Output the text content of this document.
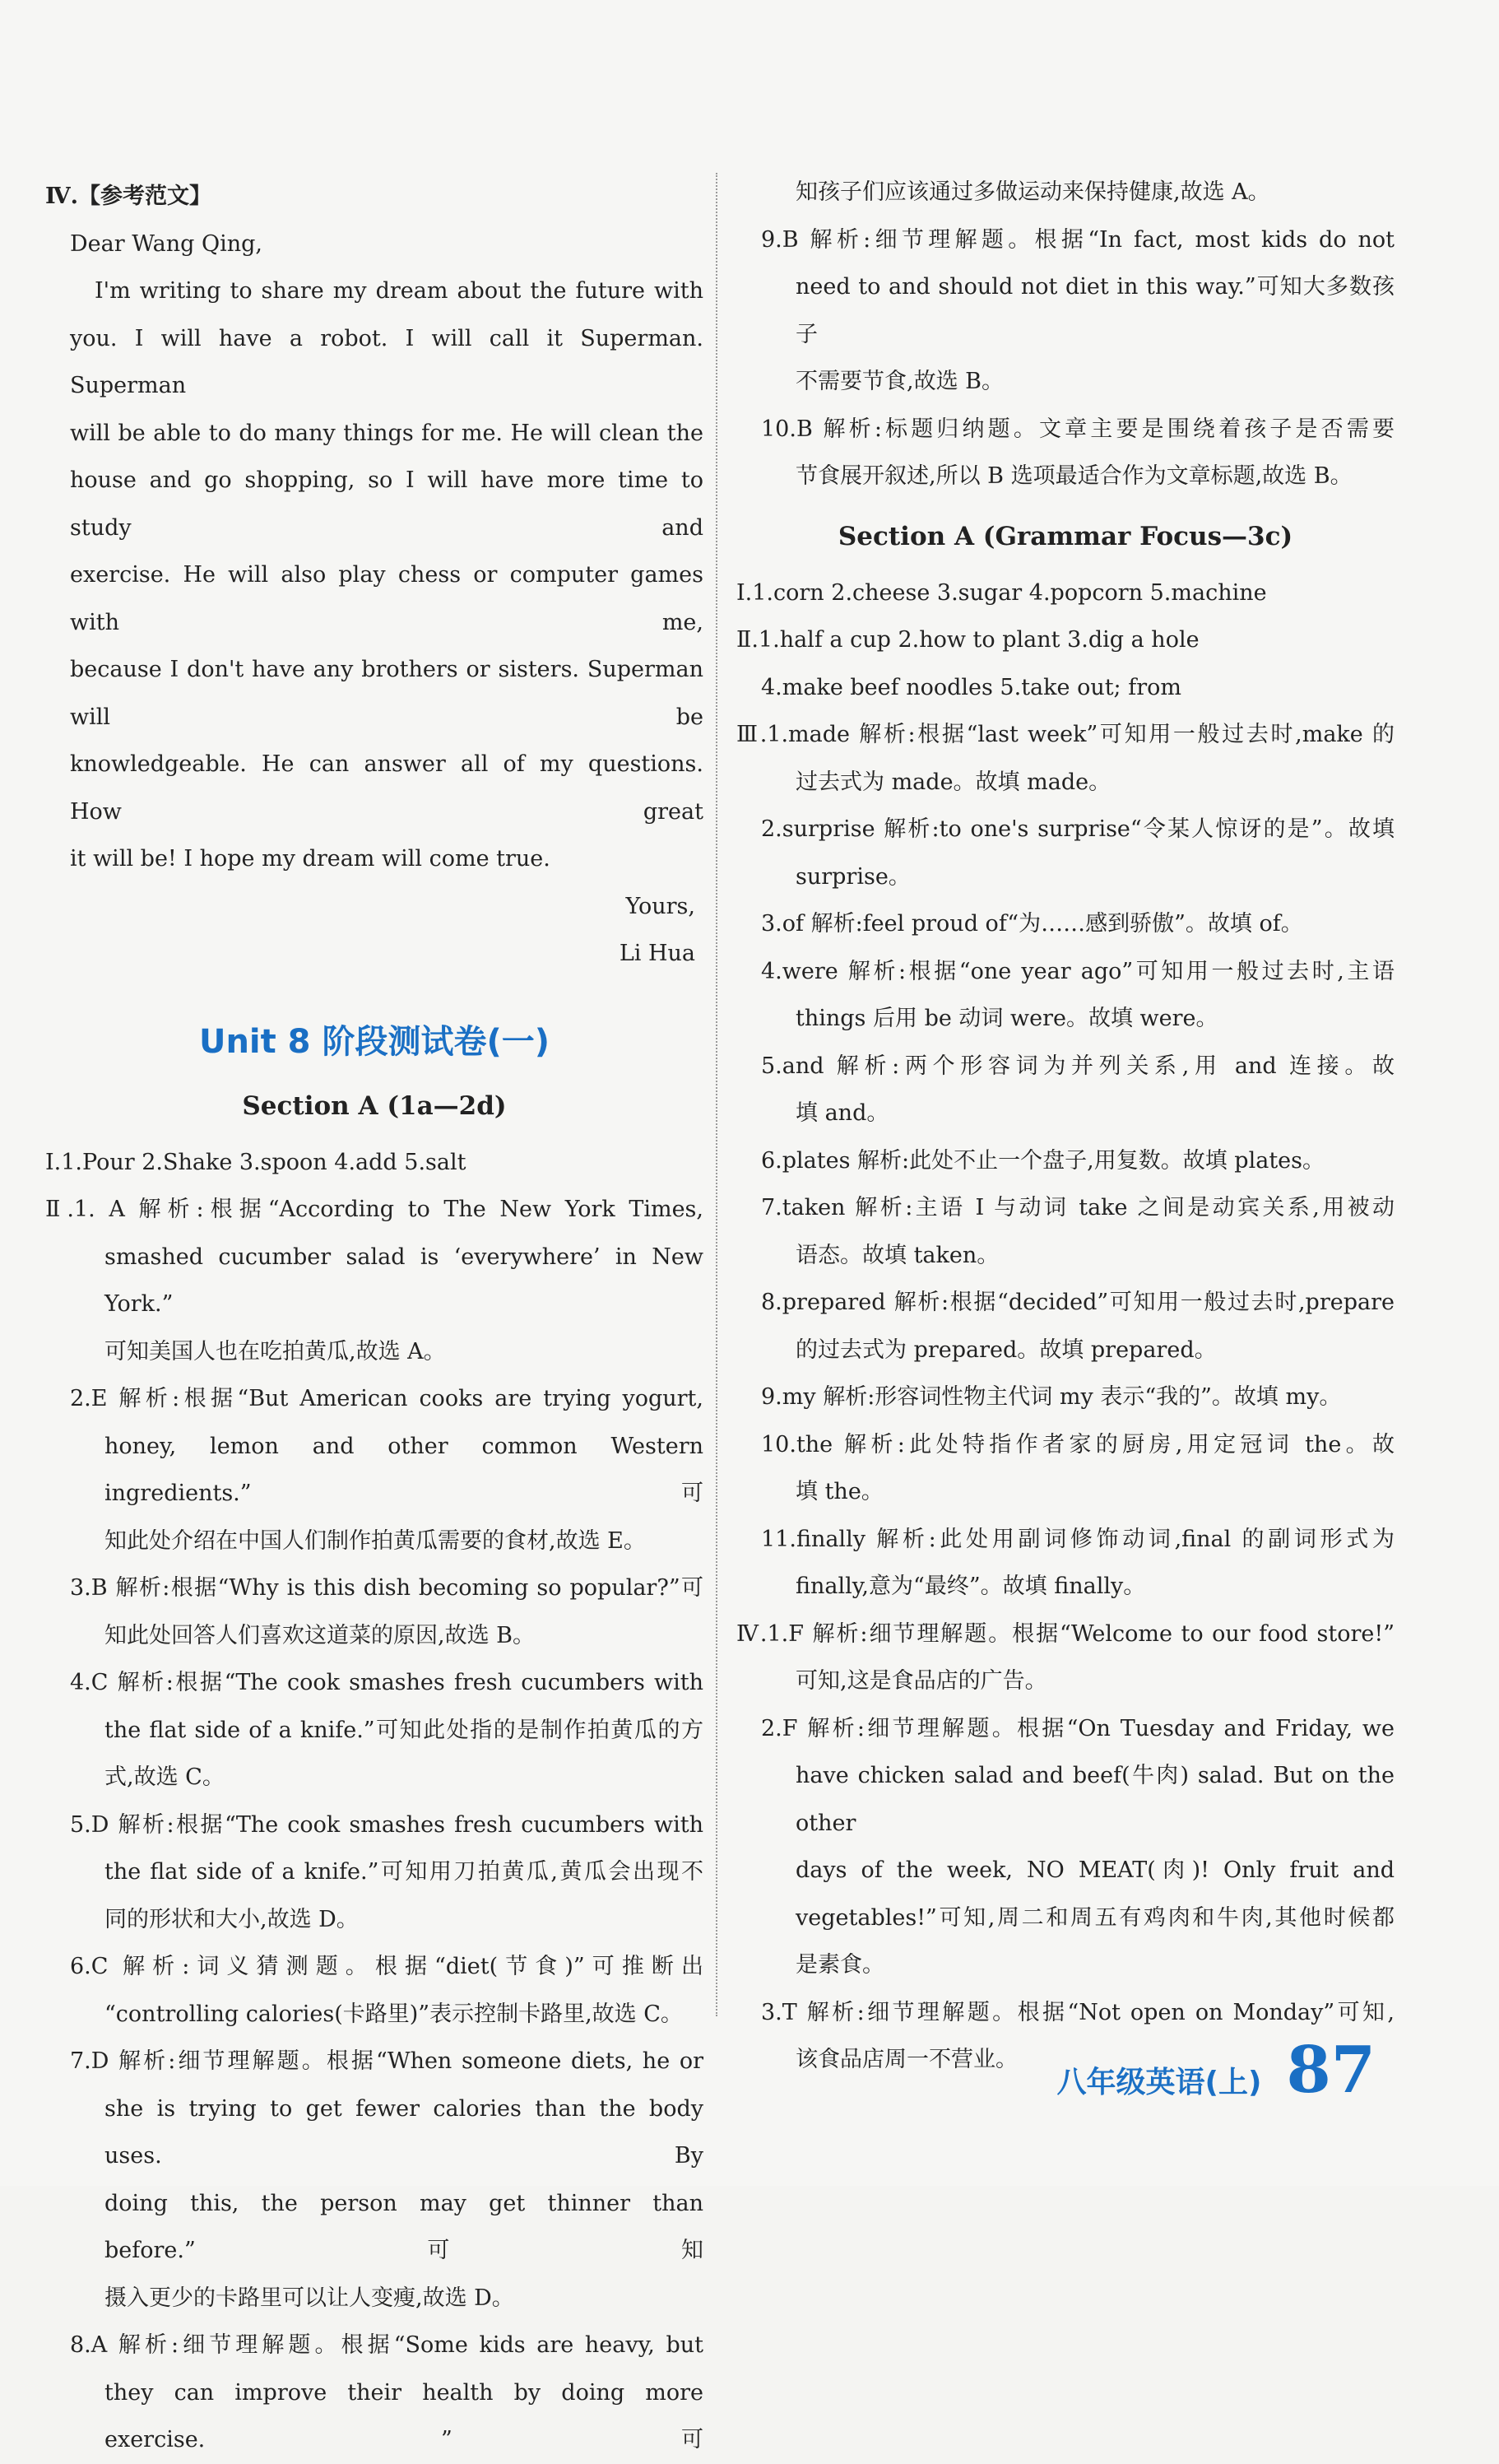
Ⅳ.【参考范文】
Dear Wang Qing,
I'm writing to share my dream about the future with
you. I will have a robot. I will call it Superman. Superman
will be able to do many things for me. He will clean the
house and go shopping, so I will have more time to study and
exercise. He will also play chess or computer games with me,
because I don't have any brothers or sisters. Superman will be
knowledgeable. He can answer all of my questions. How great
it will be! I hope my dream will come true.
Yours,
Li Hua
Unit 8 阶段测试卷(一)
Section A (1a—2d)
Ⅰ.1.Pour 2.Shake 3.spoon 4.add 5.salt
Ⅱ.1. A 解析:根据“According to The New York Times,
smashed cucumber salad is ‘everywhere’ in New York.”
可知美国人也在吃拍黄瓜,故选 A。
2.E 解析:根据“But American cooks are trying yogurt,
honey, lemon and other common Western ingredients.”可
知此处介绍在中国人们制作拍黄瓜需要的食材,故选 E。
3.B 解析:根据“Why is this dish becoming so popular?”可
知此处回答人们喜欢这道菜的原因,故选 B。
4.C 解析:根据“The cook smashes fresh cucumbers with
the flat side of a knife.”可知此处指的是制作拍黄瓜的方
式,故选 C。
5.D 解析:根据“The cook smashes fresh cucumbers with
the flat side of a knife.”可知用刀拍黄瓜,黄瓜会出现不
同的形状和大小,故选 D。
6.C 解析:词义猜测题。根据“diet(节食)”可推断出
“controlling calories(卡路里)”表示控制卡路里,故选 C。
7.D 解析:细节理解题。根据“When someone diets, he or
she is trying to get fewer calories than the body uses. By
doing this, the person may get thinner than before.”可知
摄入更少的卡路里可以让人变瘦,故选 D。
8.A 解析:细节理解题。根据“Some kids are heavy, but
they can improve their health by doing more exercise. ”可
知孩子们应该通过多做运动来保持健康,故选 A。
9.B 解析:细节理解题。根据“In fact, most kids do not
need to and should not diet in this way.”可知大多数孩子
不需要节食,故选 B。
10.B 解析:标题归纳题。文章主要是围绕着孩子是否需要
节食展开叙述,所以 B 选项最适合作为文章标题,故选 B。
Section A (Grammar Focus—3c)
Ⅰ.1.corn 2.cheese 3.sugar 4.popcorn 5.machine
Ⅱ.1.half a cup 2.how to plant 3.dig a hole
4.make beef noodles 5.take out; from
Ⅲ.1.made 解析:根据“last week”可知用一般过去时,make 的
过去式为 made。故填 made。
2.surprise 解析:to one's surprise“令某人惊讶的是”。故填
surprise。
3.of 解析:feel proud of“为……感到骄傲”。故填 of。
4.were 解析:根据“one year ago”可知用一般过去时,主语
things 后用 be 动词 were。故填 were。
5.and 解析:两个形容词为并列关系,用 and 连接。故
填 and。
6.plates 解析:此处不止一个盘子,用复数。故填 plates。
7.taken 解析:主语 I 与动词 take 之间是动宾关系,用被动
语态。故填 taken。
8.prepared 解析:根据“decided”可知用一般过去时,prepare
的过去式为 prepared。故填 prepared。
9.my 解析:形容词性物主代词 my 表示“我的”。故填 my。
10.the 解析:此处特指作者家的厨房,用定冠词 the。故
填 the。
11.finally 解析:此处用副词修饰动词,final 的副词形式为
finally,意为“最终”。故填 finally。
Ⅳ.1.F 解析:细节理解题。根据“Welcome to our food store!”
可知,这是食品店的广告。
2.F 解析:细节理解题。根据“On Tuesday and Friday, we
have chicken salad and beef(牛肉) salad. But on the other
days of the week, NO MEAT(肉)! Only fruit and
vegetables!”可知,周二和周五有鸡肉和牛肉,其他时候都
是素食。
3.T 解析:细节理解题。根据“Not open on Monday”可知,
该食品店周一不营业。
八年级英语(上) 87
